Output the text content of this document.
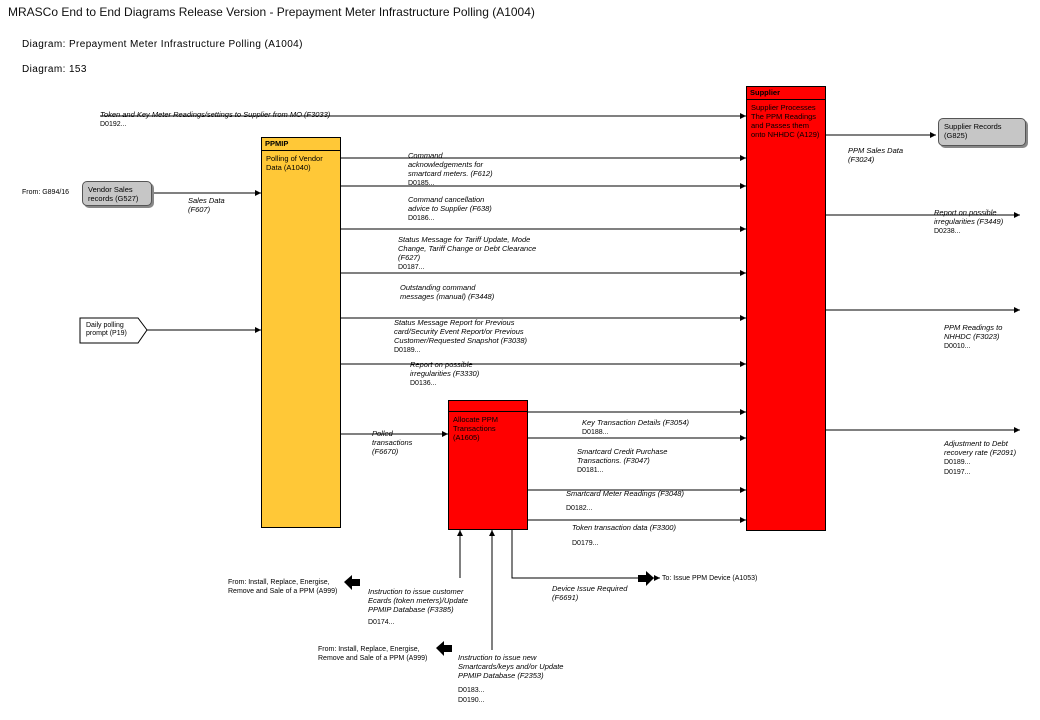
MRASCo End to End Diagrams Release Version - Prepayment Meter Infrastructure Polling (A1004)
Diagram: Prepayment Meter Infrastructure Polling (A1004)
Diagram: 153
PPMIP
Polling of Vendor Data (A1040)
Supplier
Supplier Processes The PPM Readings and Passes them onto NHHDC (A129)
Allocate PPM Transactions (A1605)
Vendor Sales records (G527)
Supplier Records (G825)
Daily polling prompt (P19)
From: G894/16
From: Install, Replace, Energise, Remove and Sale of a PPM (A999)
From: Install, Replace, Energise, Remove and Sale of a PPM (A999)
To: Issue PPM Device (A1053)

Token and Key Meter Readings/settings to Supplier from MO (F3033)
D0192...

Sales Data (F607)

Command acknowledgements for smartcard meters. (F612)
D0185...

Command cancellation advice to Supplier (F638)
D0186...

Status Message for Tariff Update, Mode Change, Tariff Change or Debt Clearance (F627)
D0187...

Outstanding command messages (manual) (F3448)

Status Message Report for Previous card/Security Event Report/or Previous Customer/Requested Snapshot (F3038)
D0189...

Report on possible irregularities (F3330)
D0136...

Polled transactions (F6670)

Key Transaction Details (F3054)
D0188...

Smartcard Credit Purchase Transactions. (F3047)
D0181...

Smartcard Meter Readings (F3048)
D0182...

Token transaction data (F3300)
D0179...

PPM Sales Data (F3024)

Report on possible irregularities (F3449)
D0238...

PPM Readings to NHHDC (F3023)
D0010...

Adjustment to Debt recovery rate (F2091)
D0189...
D0197...

Instruction to issue customer Ecards (token meters)/Update PPMIP Database (F3385)
D0174...

Instruction to issue new Smartcards/keys and/or Update PPMIP Database (F2353)
D0183...
D0190...

Device Issue Required (F6691)
